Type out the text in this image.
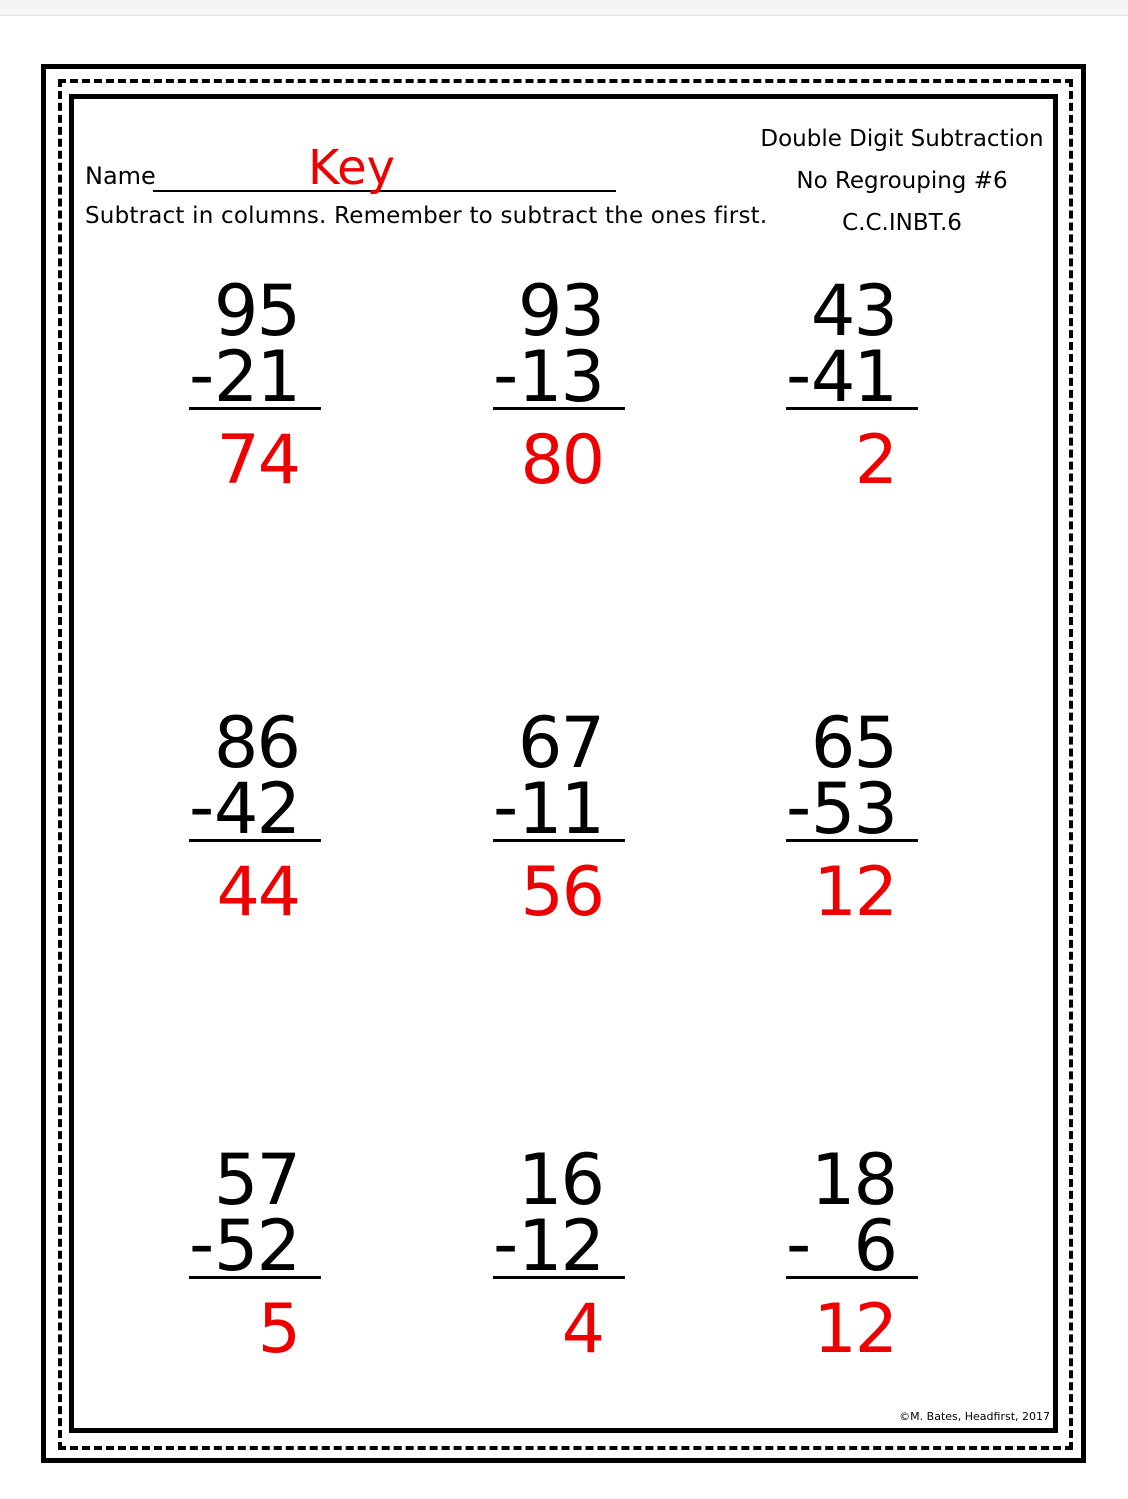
Name	Key
Subtract in columns. Remember to subtract the ones first.
Double Digit Subtraction
No Regrouping #6
C.C.INBT.6
95
- 21
74
93
- 13
80
43
- 41
2
86
- 42
44
67
- 11
56
65
- 53
12
57
- 52
5
16
- 12
4
18
- 6
12
©M. Bates, Headfirst, 2017
